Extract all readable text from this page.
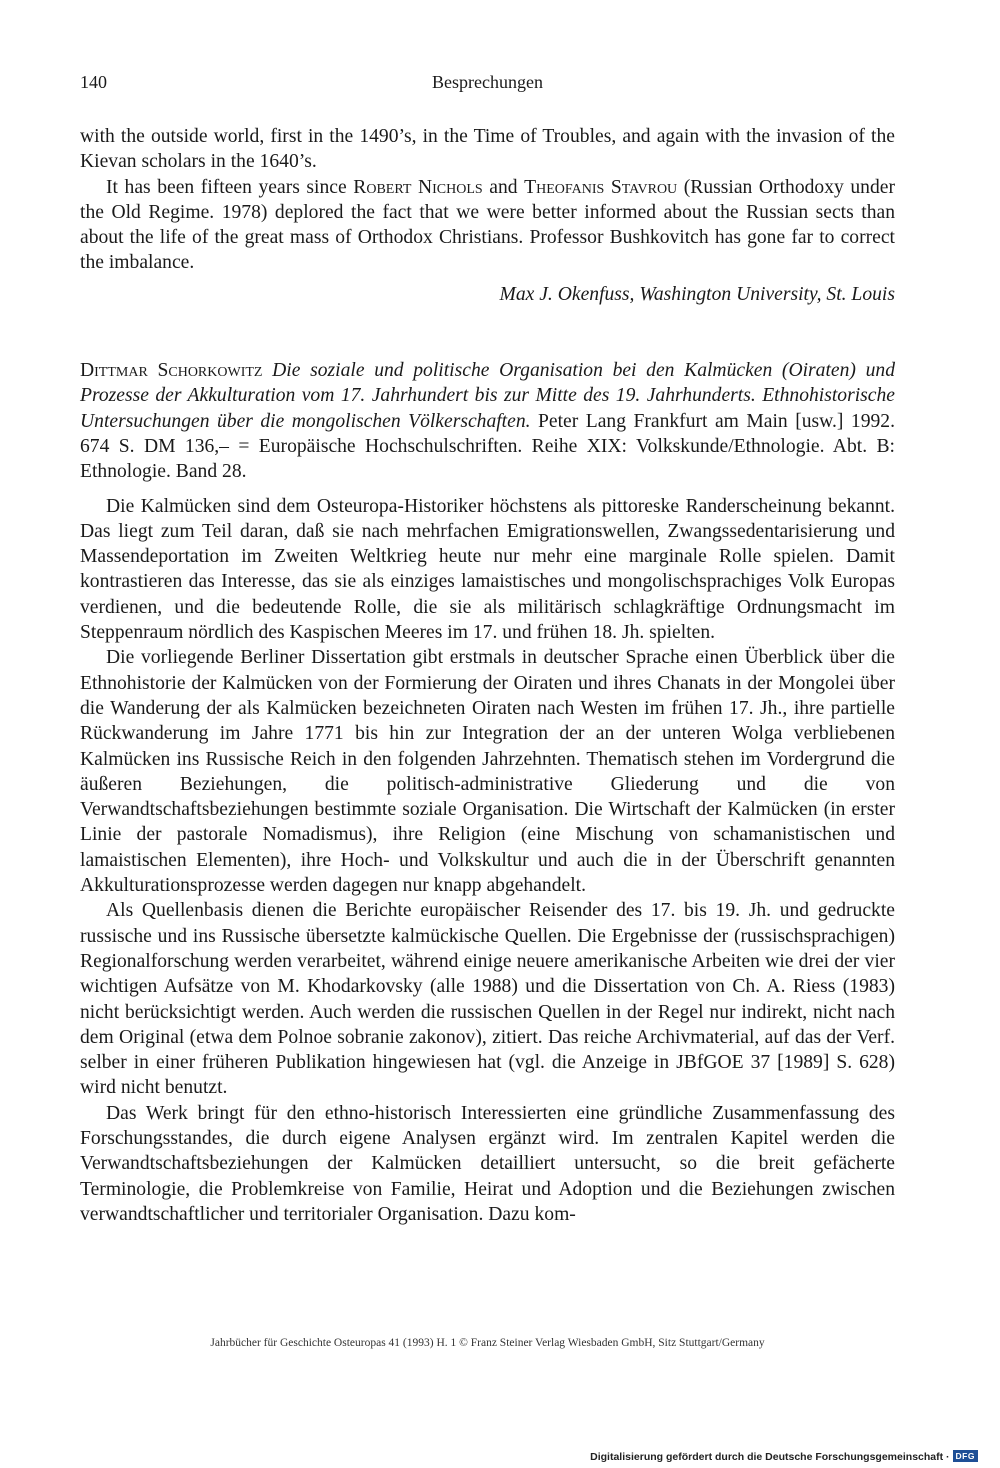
140	Besprechungen

with the outside world, first in the 1490’s, in the Time of Troubles, and again with the invasion of the Kievan scholars in the 1640’s.

It has been fifteen years since Robert Nichols and Theofanis Stavrou (Russian Orthodoxy under the Old Regime. 1978) deplored the fact that we were better informed about the Russian sects than about the life of the great mass of Orthodox Christians. Professor Bushkovitch has gone far to correct the imbalance.

Max J. Okenfuss, Washington University, St. Louis

Dittmar Schorkowitz Die soziale und politische Organisation bei den Kalmücken (Oiraten) und Prozesse der Akkulturation vom 17. Jahrhundert bis zur Mitte des 19. Jahrhunderts. Ethnohistorische Untersuchungen über die mongolischen Völkerschaften. Peter Lang Frankfurt am Main [usw.] 1992. 674 S. DM 136,– = Europäische Hochschulschriften. Reihe XIX: Volkskunde/Ethnologie. Abt. B: Ethnologie. Band 28.

Die Kalmücken sind dem Osteuropa-Historiker höchstens als pittoreske Randerscheinung bekannt. Das liegt zum Teil daran, daß sie nach mehrfachen Emigrationswellen, Zwangssedentarisierung und Massendeportation im Zweiten Weltkrieg heute nur mehr eine marginale Rolle spielen. Damit kontrastieren das Interesse, das sie als einziges lamaistisches und mongolischsprachiges Volk Europas verdienen, und die bedeutende Rolle, die sie als militärisch schlagkräftige Ordnungsmacht im Steppenraum nördlich des Kaspischen Meeres im 17. und frühen 18. Jh. spielten.

Die vorliegende Berliner Dissertation gibt erstmals in deutscher Sprache einen Überblick über die Ethnohistorie der Kalmücken von der Formierung der Oiraten und ihres Chanats in der Mongolei über die Wanderung der als Kalmücken bezeichneten Oiraten nach Westen im frühen 17. Jh., ihre partielle Rückwanderung im Jahre 1771 bis hin zur Integration der an der unteren Wolga verbliebenen Kalmücken ins Russische Reich in den folgenden Jahrzehnten. Thematisch stehen im Vordergrund die äußeren Beziehungen, die politisch-administrative Gliederung und die von Verwandtschaftsbeziehungen bestimmte soziale Organisation. Die Wirtschaft der Kalmücken (in erster Linie der pastorale Nomadismus), ihre Religion (eine Mischung von schamanistischen und lamaistischen Elementen), ihre Hoch- und Volkskultur und auch die in der Überschrift genannten Akkulturationsprozesse werden dagegen nur knapp abgehandelt.

Als Quellenbasis dienen die Berichte europäischer Reisender des 17. bis 19. Jh. und gedruckte russische und ins Russische übersetzte kalmückische Quellen. Die Ergebnisse der (russischsprachigen) Regionalforschung werden verarbeitet, während einige neuere amerikanische Arbeiten wie drei der vier wichtigen Aufsätze von M. Khodarkovsky (alle 1988) und die Dissertation von Ch. A. Riess (1983) nicht berücksichtigt werden. Auch werden die russischen Quellen in der Regel nur indirekt, nicht nach dem Original (etwa dem Polnoe sobranie zakonov), zitiert. Das reiche Archivmaterial, auf das der Verf. selber in einer früheren Publikation hingewiesen hat (vgl. die Anzeige in JBfGOE 37 [1989] S. 628) wird nicht benutzt.

Das Werk bringt für den ethno-historisch Interessierten eine gründliche Zusammenfassung des Forschungsstandes, die durch eigene Analysen ergänzt wird. Im zentralen Kapitel werden die Verwandtschaftsbeziehungen der Kalmücken detailliert untersucht, so die breit gefächerte Terminologie, die Problemkreise von Familie, Heirat und Adoption und die Beziehungen zwischen verwandtschaftlicher und territorialer Organisation. Dazu kom-

Jahrbücher für Geschichte Osteuropas 41 (1993) H. 1 © Franz Steiner Verlag Wiesbaden GmbH, Sitz Stuttgart/Germany
Digitalisierung gefördert durch die Deutsche Forschungsgemeinschaft · DFG
